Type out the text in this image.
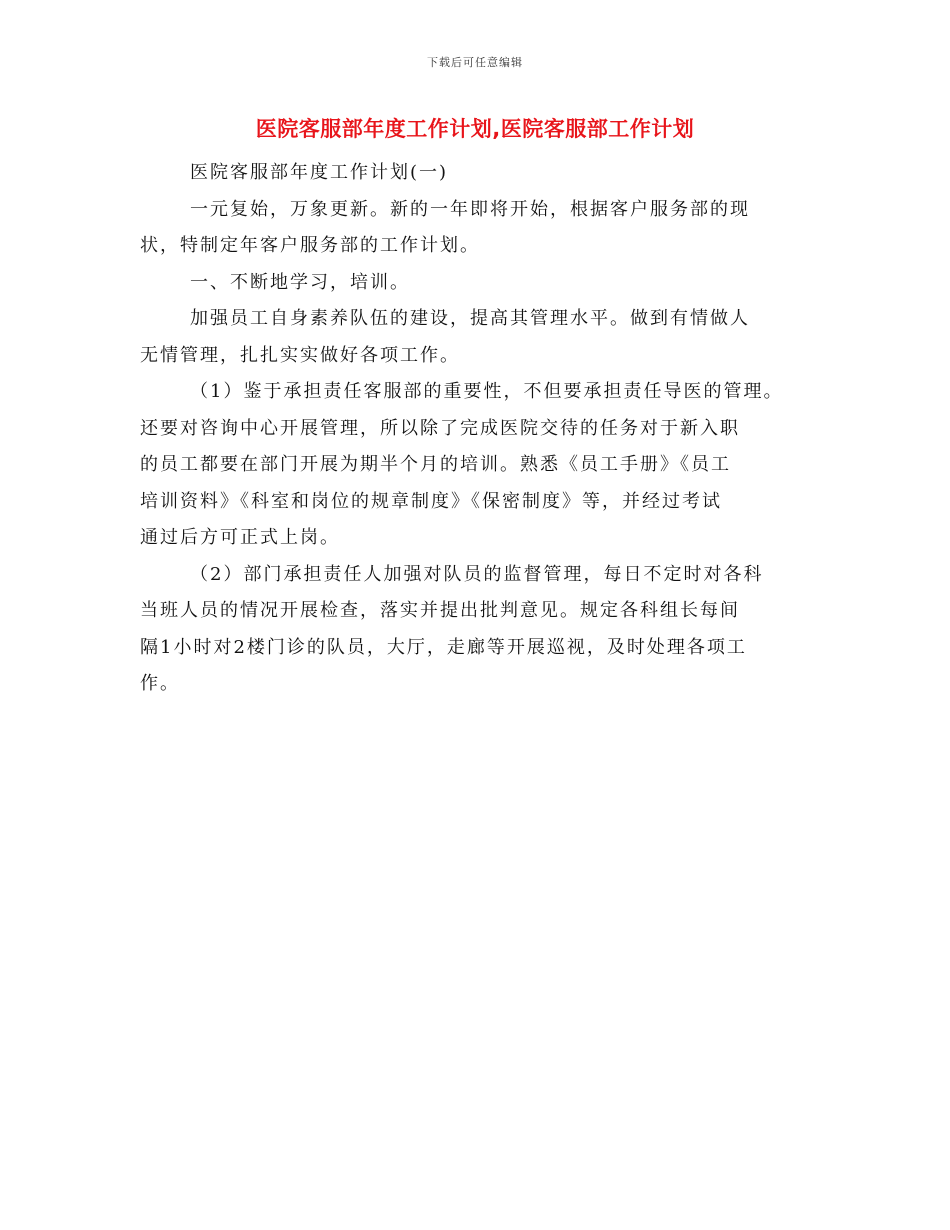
下载后可任意编辑
医院客服部年度工作计划,医院客服部工作计划
医院客服部年度工作计划(一)
一元复始，万象更新。新的一年即将开始，根据客户服务部的现
状，特制定年客户服务部的工作计划。
一、不断地学习，培训。
加强员工自身素养队伍的建设，提高其管理水平。做到有情做人
无情管理，扎扎实实做好各项工作。
（1）鉴于承担责任客服部的重要性，不但要承担责任导医的管理。
还要对咨询中心开展管理，所以除了完成医院交待的任务对于新入职
的员工都要在部门开展为期半个月的培训。熟悉《员工手册》《员工
培训资料》《科室和岗位的规章制度》《保密制度》等，并经过考试
通过后方可正式上岗。
（2）部门承担责任人加强对队员的监督管理，每日不定时对各科
当班人员的情况开展检查，落实并提出批判意见。规定各科组长每间
隔1小时对2楼门诊的队员，大厅，走廊等开展巡视，及时处理各项工
作。
